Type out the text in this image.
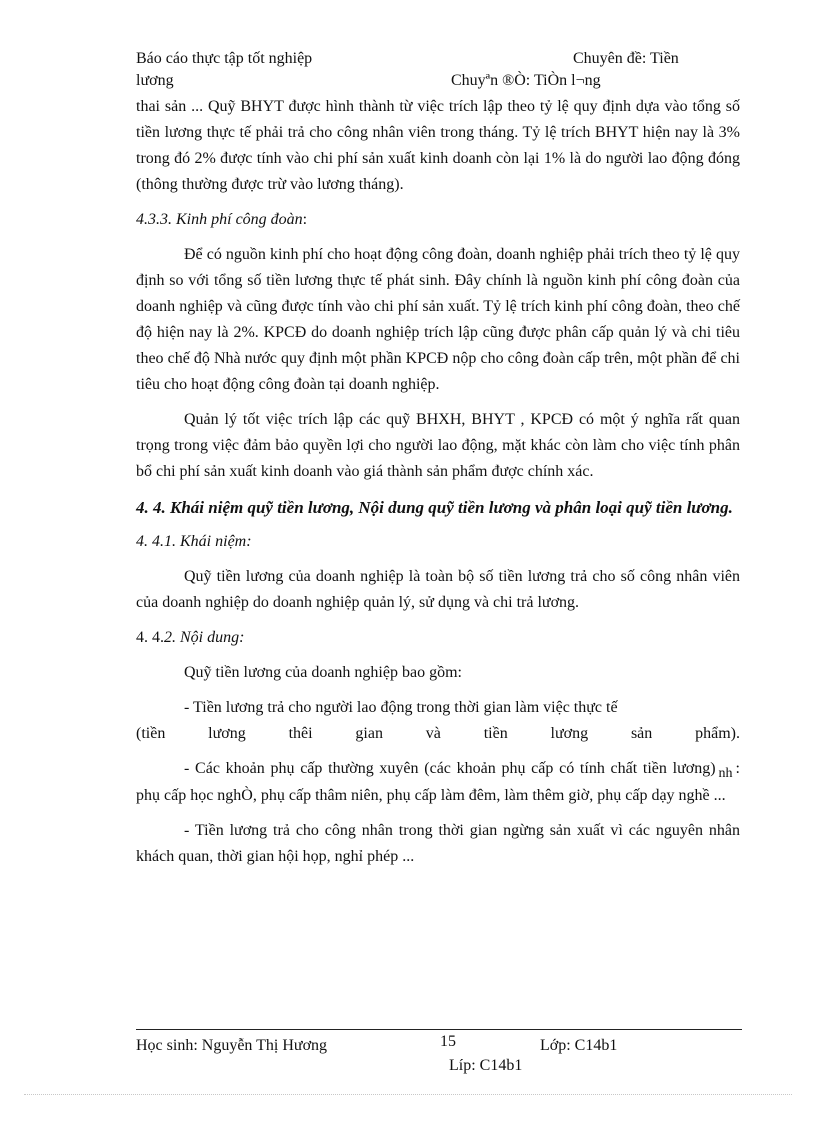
Báo cáo thực tập tốt nghiệp	Chuyên đề: Tiền
lương	Chuyªn ®Ò: TiÒn l¬ng

thai sản ... Quỹ BHYT được hình thành từ việc trích lập theo tỷ lệ quy định dựa vào tổng số tiền lương thực tế phải trả cho công nhân viên trong tháng. Tỷ lệ trích BHYT hiện nay là 3% trong đó 2% được tính vào chi phí sản xuất kinh doanh còn lại 1% là do người lao động đóng (thông thường được trừ vào lương tháng).

4.3.3. Kinh phí công đoàn:

Để có nguồn kinh phí cho hoạt động công đoàn, doanh nghiệp phải trích theo tỷ lệ quy định so với tổng số tiền lương thực tế phát sinh. Đây chính là nguồn kinh phí công đoàn của doanh nghiệp và cũng được tính vào chi phí sản xuất. Tỷ lệ trích kinh phí công đoàn, theo chế độ hiện nay là 2%. KPCĐ do doanh nghiệp trích lập cũng được phân cấp quản lý và chi tiêu theo chế độ Nhà nước quy định một phần KPCĐ nộp cho công đoàn cấp trên, một phần để chi tiêu cho hoạt động công đoàn tại doanh nghiệp.

Quản lý tốt việc trích lập các quỹ BHXH, BHYT , KPCĐ có một ý nghĩa rất quan trọng trong việc đảm bảo quyền lợi cho người lao động, mặt khác còn làm cho việc tính phân bổ chi phí sản xuất kinh doanh vào giá thành sản phẩm được chính xác.

4. 4. Khái niệm quỹ tiền lương, Nội dung quỹ tiền lương và phân loại quỹ tiền lương.

4. 4.1. Khái niệm:

Quỹ tiền lương của doanh nghiệp là toàn bộ số tiền lương trả cho số công nhân viên của doanh nghiệp do doanh nghiệp quản lý, sử dụng và chi trả lương.

4. 4.2. Nội dung:

Quỹ tiền lương của doanh nghiệp bao gồm:

- Tiền lương trả cho người lao động trong thời gian làm việc thực tế

(tiền	lương	thêi	gian	và	tiền	lương	sản	phẩm).

- Các khoản phụ cấp thường xuyên (các khoản phụ cấp có tính chất tiền lương) nh : phụ cấp học nghÒ, phụ cấp thâm niên, phụ cấp làm đêm, làm thêm giờ, phụ cấp dạy nghề ...

- Tiền lương trả cho công nhân trong thời gian ngừng sản xuất vì các nguyên nhân khách quan, thời gian hội họp, nghỉ phép ...

Học sinh: Nguyễn Thị Hương	15	Lớp: C14b1
Líp: C14b1
